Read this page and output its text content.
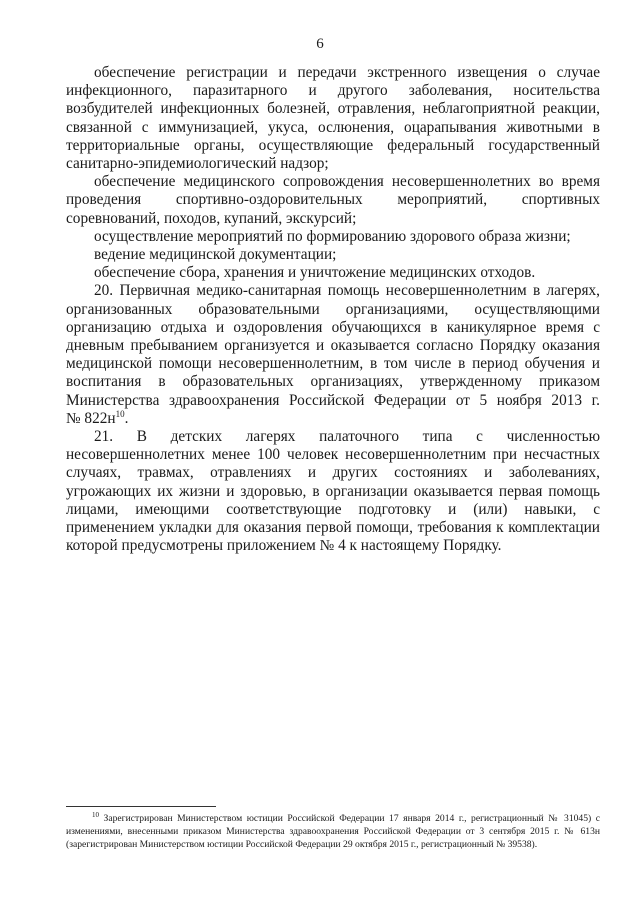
6

обеспечение регистрации и передачи экстренного извещения о случае инфекционного, паразитарного и другого заболевания, носительства возбудителей инфекционных болезней, отравления, неблагоприятной реакции, связанной с иммунизацией, укуса, ослюнения, оцарапывания животными в территориальные органы, осуществляющие федеральный государственный санитарно-эпидемиологический надзор;

обеспечение медицинского сопровождения несовершеннолетних во время проведения спортивно-оздоровительных мероприятий, спортивных соревнований, походов, купаний, экскурсий;

осуществление мероприятий по формированию здорового образа жизни;

ведение медицинской документации;

обеспечение сбора, хранения и уничтожение медицинских отходов.

20. Первичная медико-санитарная помощь несовершеннолетним в лагерях, организованных образовательными организациями, осуществляющими организацию отдыха и оздоровления обучающихся в каникулярное время с дневным пребыванием организуется и оказывается согласно Порядку оказания медицинской помощи несовершеннолетним, в том числе в период обучения и воспитания в образовательных организациях, утвержденному приказом Министерства здравоохранения Российской Федерации от 5 ноября 2013 г. № 822н$^{10}$.

21. В детских лагерях палаточного типа с численностью несовершеннолетних менее 100 человек несовершеннолетним при несчастных случаях, травмах, отравлениях и других состояниях и заболеваниях, угрожающих их жизни и здоровью, в организации оказывается первая помощь лицами, имеющими соответствующие подготовку и (или) навыки, с применением укладки для оказания первой помощи, требования к комплектации которой предусмотрены приложением № 4 к настоящему Порядку.

$^{10}$ Зарегистрирован Министерством юстиции Российской Федерации 17 января 2014 г., регистрационный № 31045) с изменениями, внесенными приказом Министерства здравоохранения Российской Федерации от 3 сентября 2015 г. № 613н (зарегистрирован Министерством юстиции Российской Федерации 29 октября 2015 г., регистрационный № 39538).
